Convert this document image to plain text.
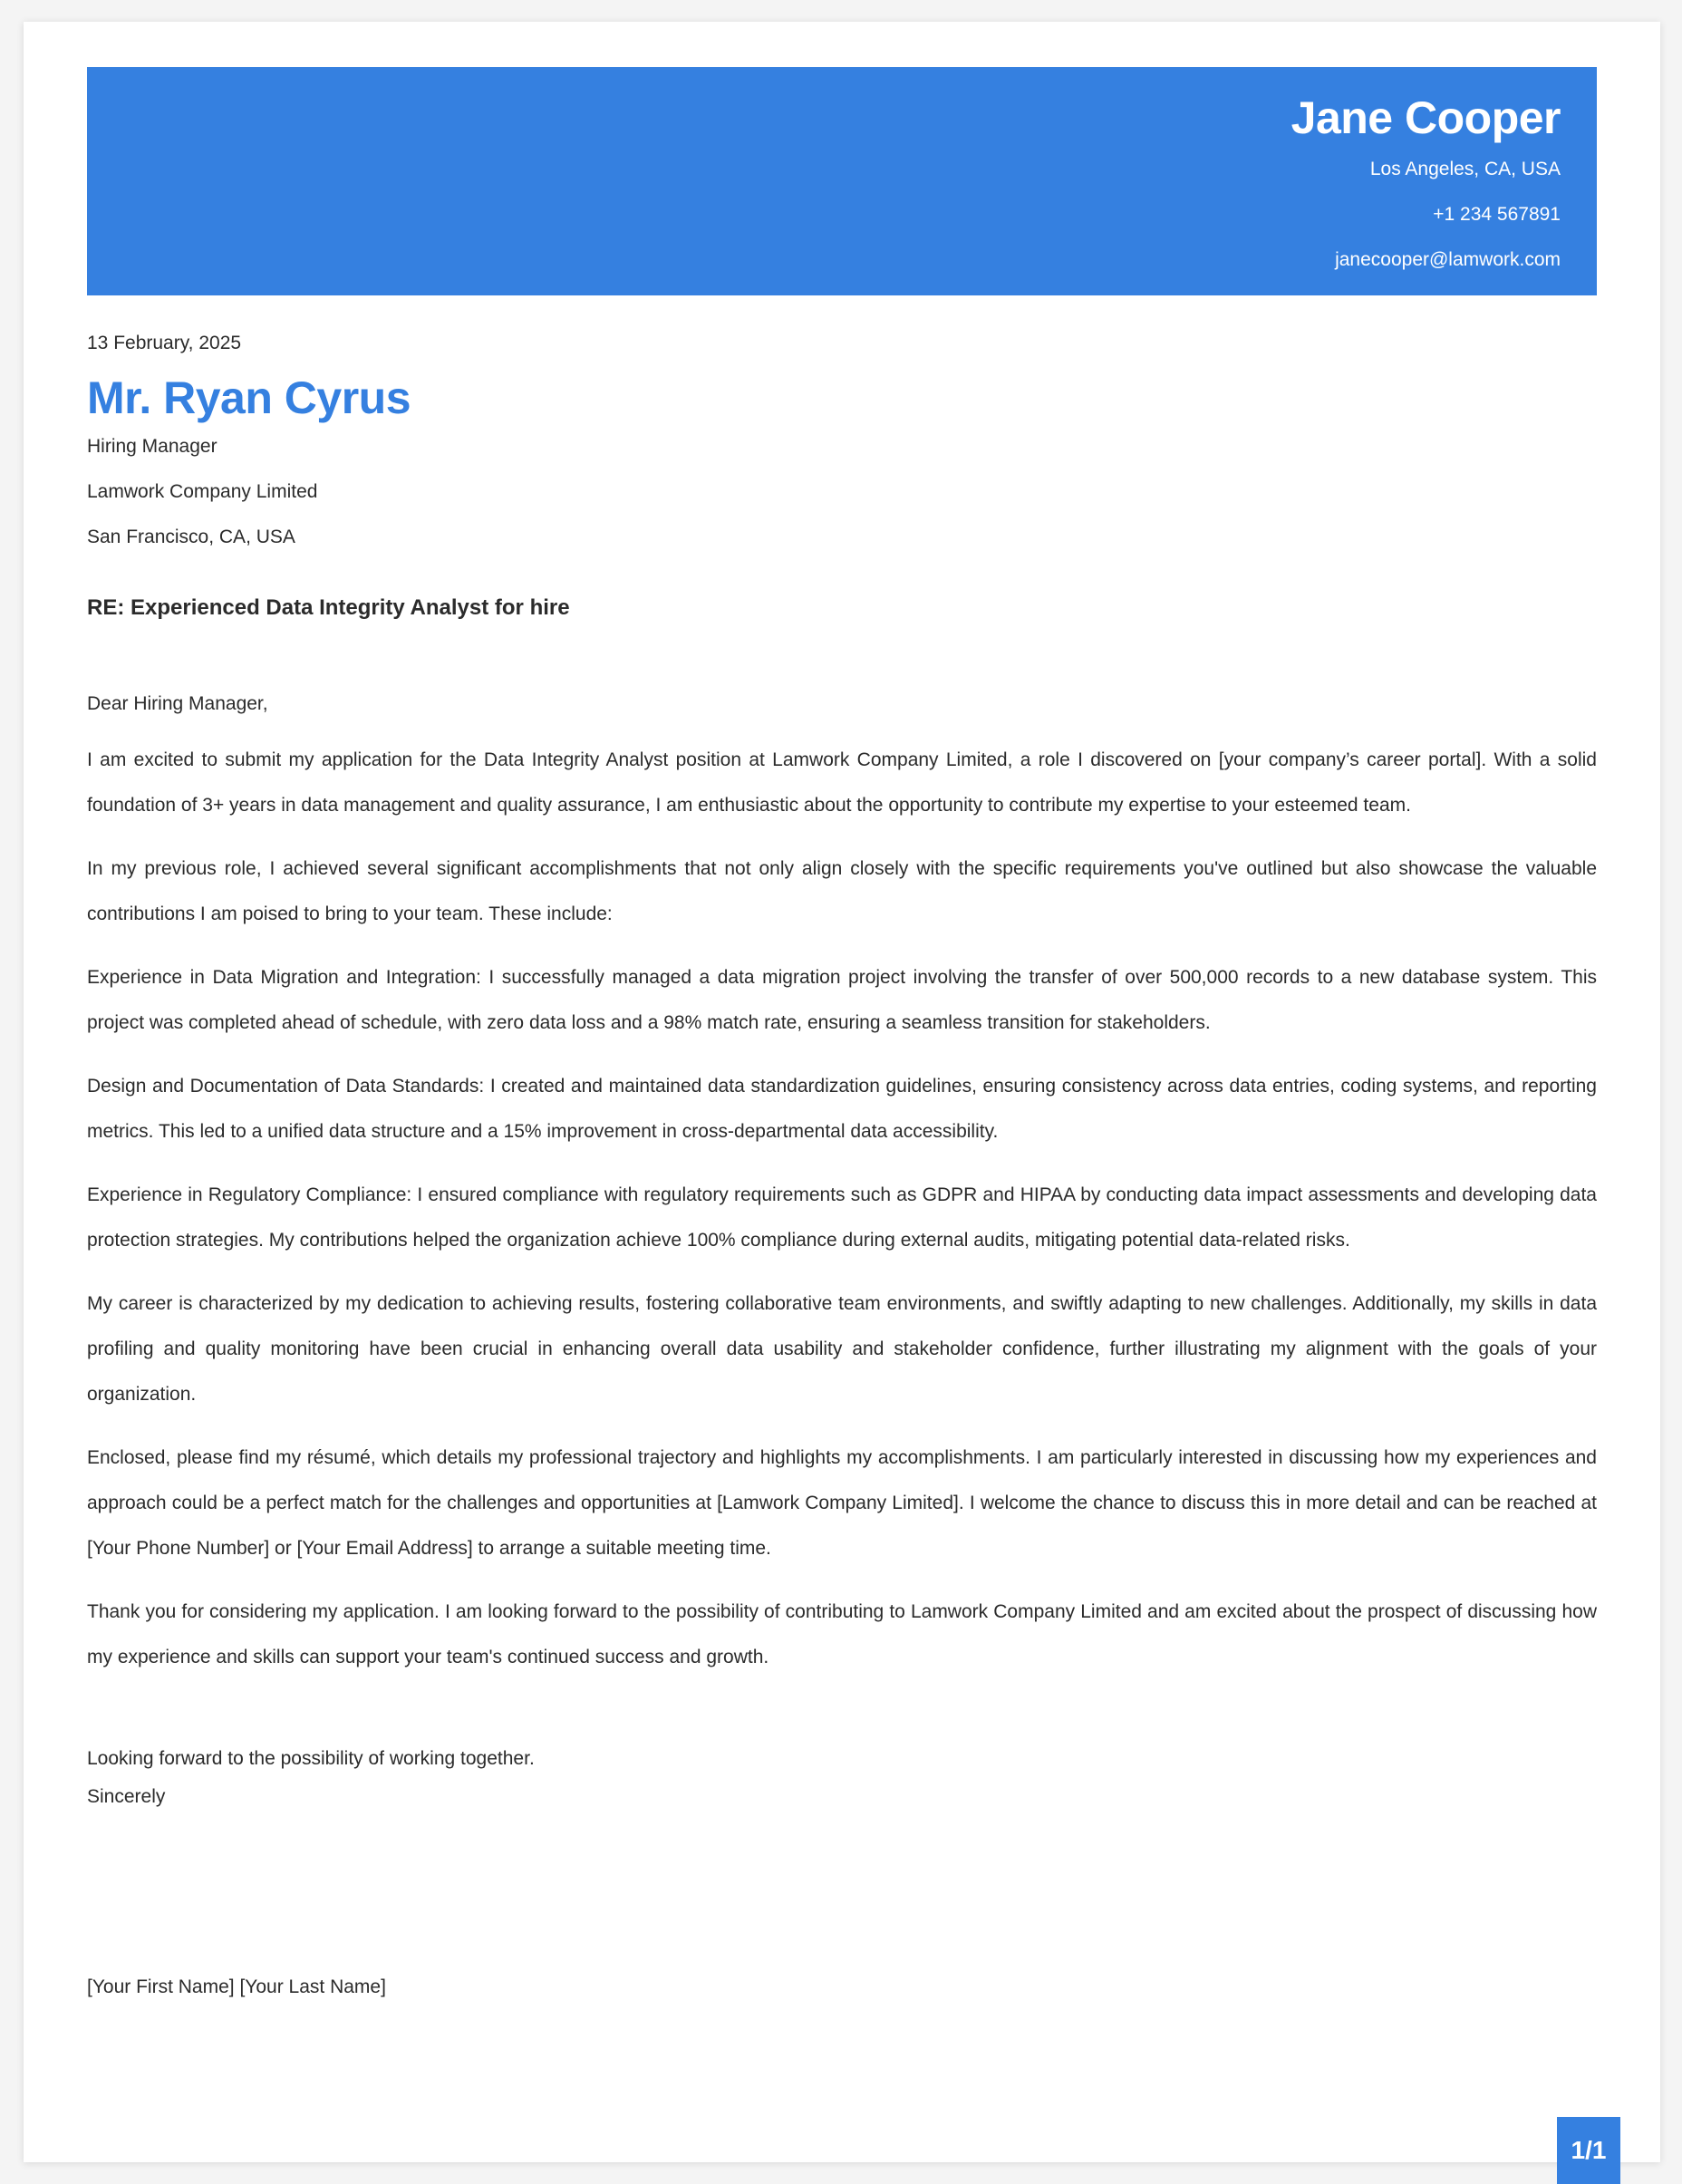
Jane Cooper
Los Angeles, CA, USA
+1 234 567891
janecooper@lamwork.com
13 February, 2025
Mr. Ryan Cyrus
Hiring Manager
Lamwork Company Limited
San Francisco, CA, USA
RE: Experienced Data Integrity Analyst for hire
Dear Hiring Manager,
I am excited to submit my application for the Data Integrity Analyst position at Lamwork Company Limited, a role I discovered on [your company’s career portal]. With a solid foundation of 3+ years in data management and quality assurance, I am enthusiastic about the opportunity to contribute my expertise to your esteemed team.
In my previous role, I achieved several significant accomplishments that not only align closely with the specific requirements you've outlined but also showcase the valuable contributions I am poised to bring to your team. These include:
Experience in Data Migration and Integration: I successfully managed a data migration project involving the transfer of over 500,000 records to a new database system. This project was completed ahead of schedule, with zero data loss and a 98% match rate, ensuring a seamless transition for stakeholders.
Design and Documentation of Data Standards: I created and maintained data standardization guidelines, ensuring consistency across data entries, coding systems, and reporting metrics. This led to a unified data structure and a 15% improvement in cross-departmental data accessibility.
Experience in Regulatory Compliance: I ensured compliance with regulatory requirements such as GDPR and HIPAA by conducting data impact assessments and developing data protection strategies. My contributions helped the organization achieve 100% compliance during external audits, mitigating potential data-related risks.
My career is characterized by my dedication to achieving results, fostering collaborative team environments, and swiftly adapting to new challenges. Additionally, my skills in data profiling and quality monitoring have been crucial in enhancing overall data usability and stakeholder confidence, further illustrating my alignment with the goals of your organization.
Enclosed, please find my résumé, which details my professional trajectory and highlights my accomplishments. I am particularly interested in discussing how my experiences and approach could be a perfect match for the challenges and opportunities at [Lamwork Company Limited]. I welcome the chance to discuss this in more detail and can be reached at [Your Phone Number] or [Your Email Address] to arrange a suitable meeting time.
Thank you for considering my application. I am looking forward to the possibility of contributing to Lamwork Company Limited and am excited about the prospect of discussing how my experience and skills can support your team's continued success and growth.
Looking forward to the possibility of working together.
Sincerely
[Your First Name] [Your Last Name]
1/1
